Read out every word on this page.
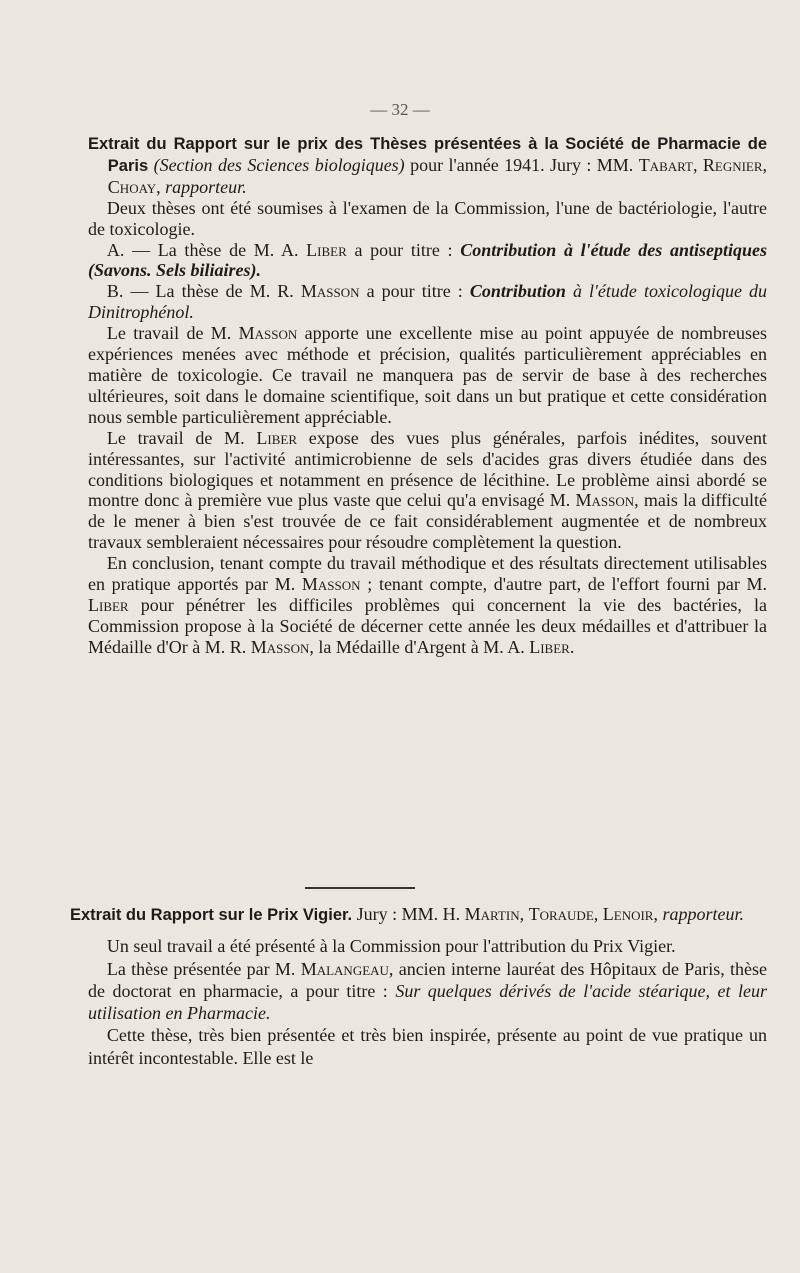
— 32 —

Extrait du Rapport sur le prix des Thèses présentées à la Société de Pharmacie de Paris (Section des Sciences biologiques) pour l'année 1941. Jury : MM. Tabart, Regnier, Choay, rapporteur.

Deux thèses ont été soumises à l'examen de la Commission, l'une de bactériologie, l'autre de toxicologie.

A. — La thèse de M. A. Liber a pour titre : Contribution à l'étude des antiseptiques (Savons. Sels biliaires).

B. — La thèse de M. R. Masson a pour titre : Contribution à l'étude toxicologique du Dinitrophénol.

Le travail de M. Masson apporte une excellente mise au point appuyée de nombreuses expériences menées avec méthode et précision, qualités particulièrement appréciables en matière de toxicologie. Ce travail ne manquera pas de servir de base à des recherches ultérieures, soit dans le domaine scientifique, soit dans un but pratique et cette considération nous semble particulièrement appréciable.

Le travail de M. Liber expose des vues plus générales, parfois inédites, souvent intéressantes, sur l'activité antimicrobienne de sels d'acides gras divers étudiée dans des conditions biologiques et notamment en présence de lécithine. Le problème ainsi abordé se montre donc à première vue plus vaste que celui qu'a envisagé M. Masson, mais la difficulté de le mener à bien s'est trouvée de ce fait considérablement augmentée et de nombreux travaux sembleraient nécessaires pour résoudre complètement la question.

En conclusion, tenant compte du travail méthodique et des résultats directement utilisables en pratique apportés par M. Masson ; tenant compte, d'autre part, de l'effort fourni par M. Liber pour pénétrer les difficiles problèmes qui concernent la vie des bactéries, la Commission propose à la Société de décerner cette année les deux médailles et d'attribuer la Médaille d'Or à M. R. Masson, la Médaille d'Argent à M. A. Liber.

Extrait du Rapport sur le Prix Vigier. Jury : MM. H. Martin, Toraude, Lenoir, rapporteur.

Un seul travail a été présenté à la Commission pour l'attribution du Prix Vigier.

La thèse présentée par M. Malangeau, ancien interne lauréat des Hôpitaux de Paris, thèse de doctorat en pharmacie, a pour titre : Sur quelques dérivés de l'acide stéarique, et leur utilisation en Pharmacie.

Cette thèse, très bien présentée et très bien inspirée, présente au point de vue pratique un intérêt incontestable. Elle est le
